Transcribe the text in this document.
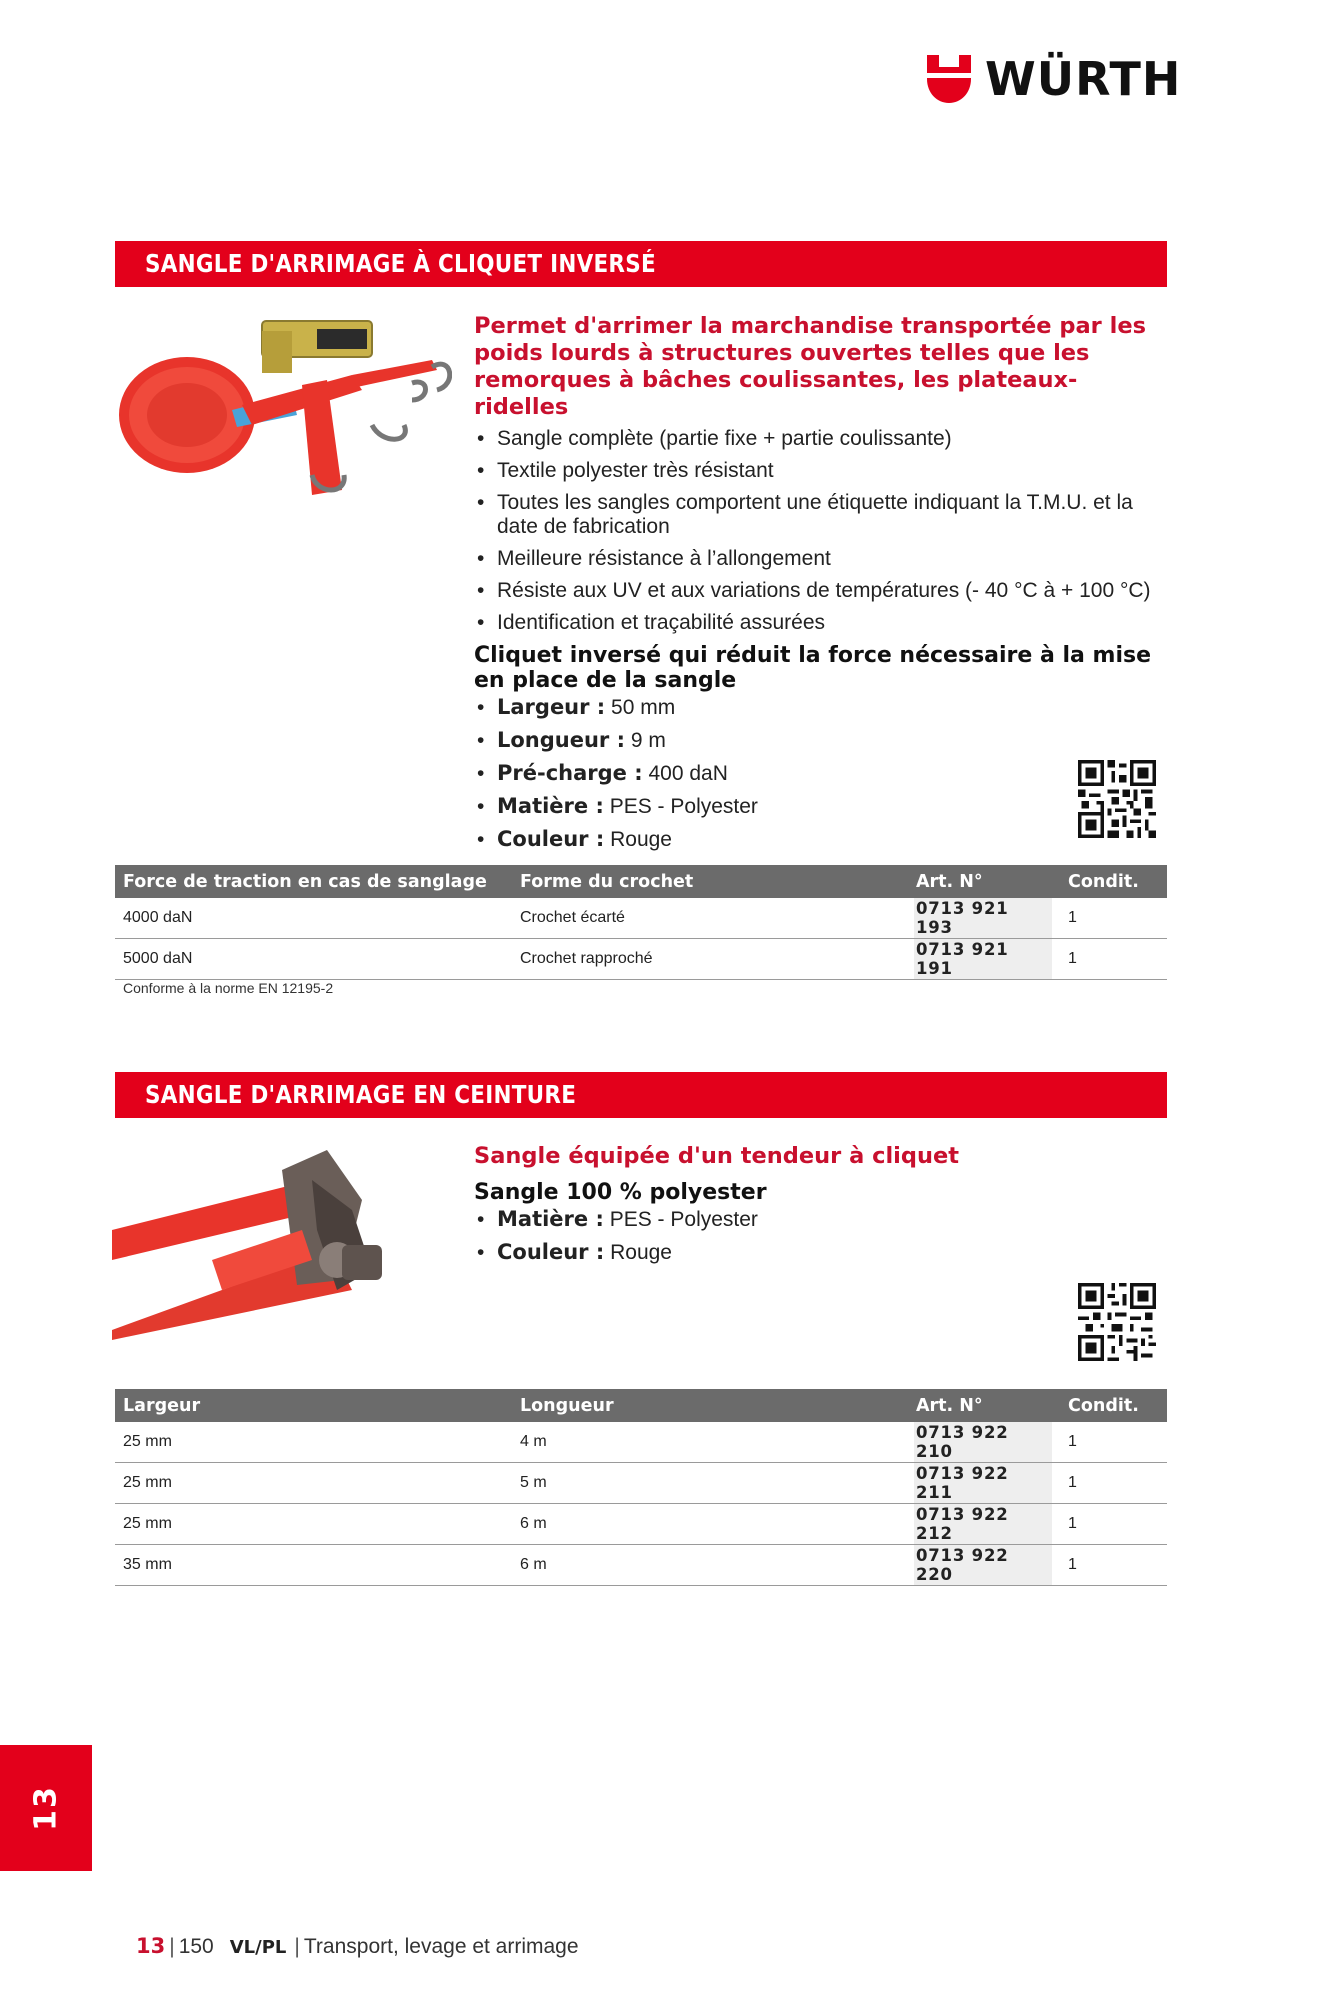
WÜRTH
SANGLE D'ARRIMAGE À CLIQUET INVERSÉ
Permet d'arrimer la marchandise transportée par les poids lourds à structures ouvertes telles que les remorques à bâches coulissantes, les plateaux-ridelles
• Sangle complète (partie fixe + partie coulissante)
• Textile polyester très résistant
• Toutes les sangles comportent une étiquette indiquant la T.M.U. et la date de fabrication
• Meilleure résistance à l’allongement
• Résiste aux UV et aux variations de températures (- 40 °C à + 100 °C)
• Identification et traçabilité assurées
Cliquet inversé qui réduit la force nécessaire à la mise en place de la sangle
• Largeur : 50 mm
• Longueur : 9 m
• Pré-charge : 400 daN
• Matière : PES - Polyester
• Couleur : Rouge
Force de traction en cas de sanglage	Forme du crochet	Art. N°	Condit.
4000 daN	Crochet écarté	0713 921 193	1
5000 daN	Crochet rapproché	0713 921 191	1
Conforme à la norme EN 12195-2
SANGLE D'ARRIMAGE EN CEINTURE
Sangle équipée d'un tendeur à cliquet
Sangle 100 % polyester
• Matière : PES - Polyester
• Couleur : Rouge
Largeur	Longueur	Art. N°	Condit.
25 mm	4 m	0713 922 210	1
25 mm	5 m	0713 922 211	1
25 mm	6 m	0713 922 212	1
35 mm	6 m	0713 922 220	1
13
13 | 150 VL/PL | Transport, levage et arrimage
